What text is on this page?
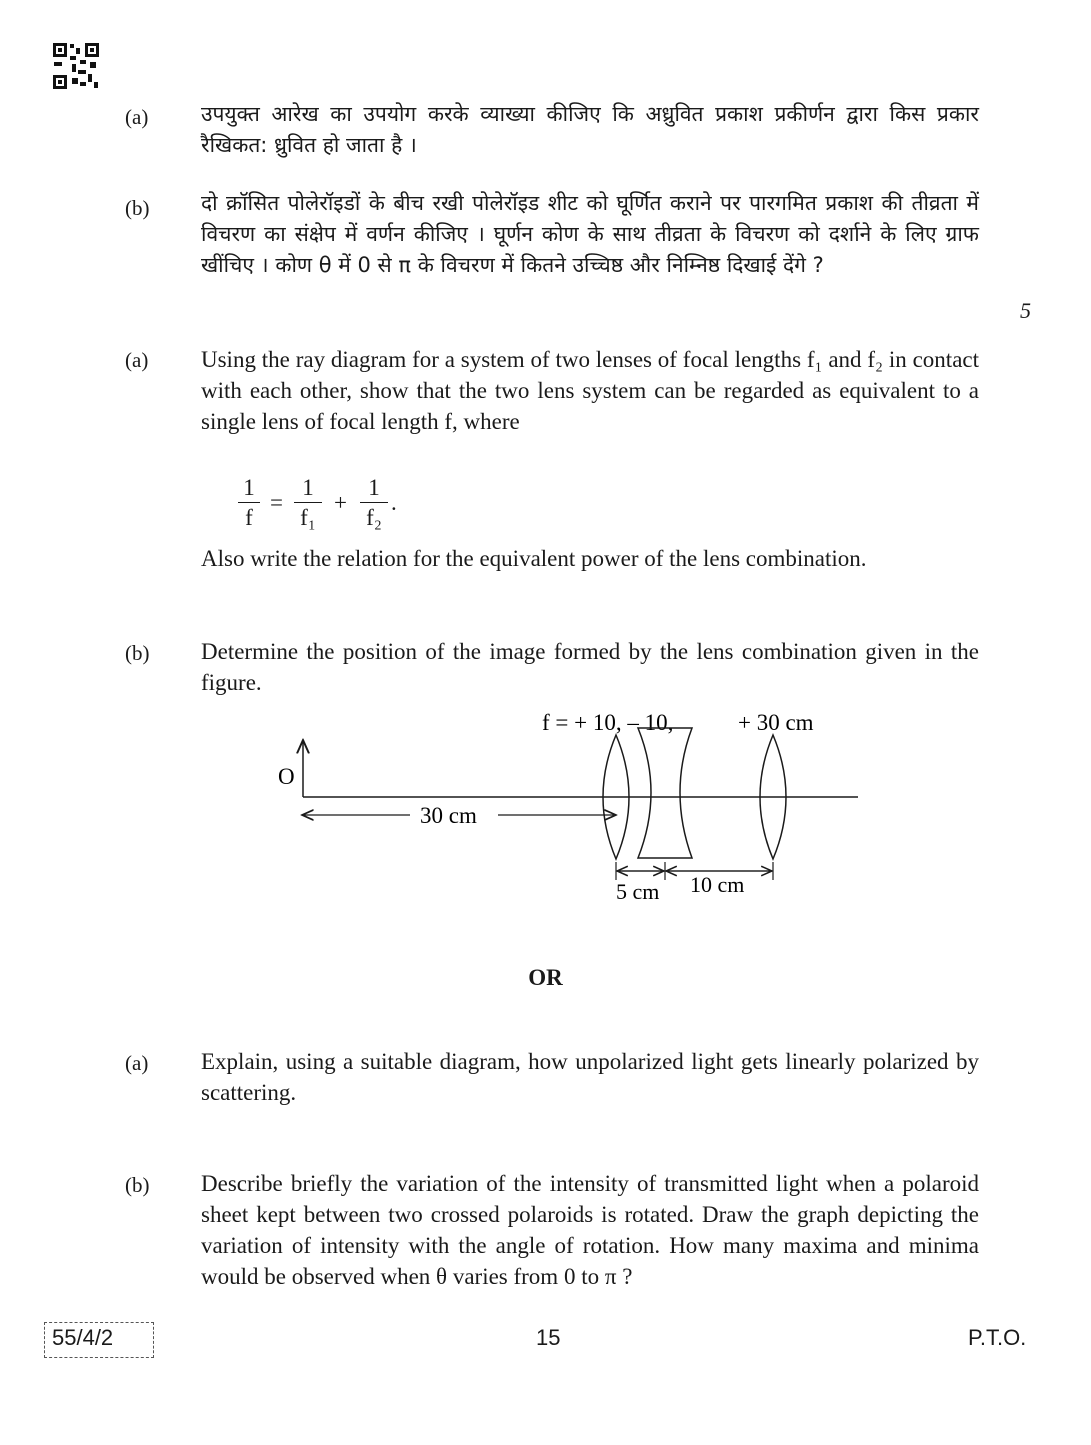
(a)	उपयुक्त आरेख का उपयोग करके व्याख्या कीजिए कि अध्रुवित प्रकाश प्रकीर्णन द्वारा किस प्रकार रैखिकत: ध्रुवित हो जाता है ।
(b) दो क्रॉसित पोलेरॉइडों के बीच रखी पोलेरॉइड शीट को घूर्णित कराने पर पारगमित प्रकाश की तीव्रता में विचरण का संक्षेप में वर्णन कीजिए । घूर्णन कोण के साथ तीव्रता के विचरण को दर्शाने के लिए ग्राफ खींचिए । कोण θ में 0 से π के विचरण में कितने उच्चिष्ठ और निम्निष्ठ दिखाई देंगे ?
5
(a) Using the ray diagram for a system of two lenses of focal lengths f₁ and f₂ in contact with each other, show that the two lens system can be regarded as equivalent to a single lens of focal length f, where
$\frac{1}{f} = \frac{1}{\text{f₁}} + \frac{1}{\text{f₂}}$ .
Also write the relation for the equivalent power of the lens combination.
(b) Determine the position of the image formed by the lens combination given in the figure.
f = + 10, – 10,	+ 30 cm
O
30 cm
5 cm 10 cm
OR
(a) Explain, using a suitable diagram, how unpolarized light gets linearly polarized by scattering.
(b) Describe briefly the variation of the intensity of transmitted light when a polaroid sheet kept between two crossed polaroids is rotated. Draw the graph depicting the variation of intensity with the angle of rotation. How many maxima and minima would be observed when θ varies from 0 to π ?
55/4/2	15	P.T.O.
